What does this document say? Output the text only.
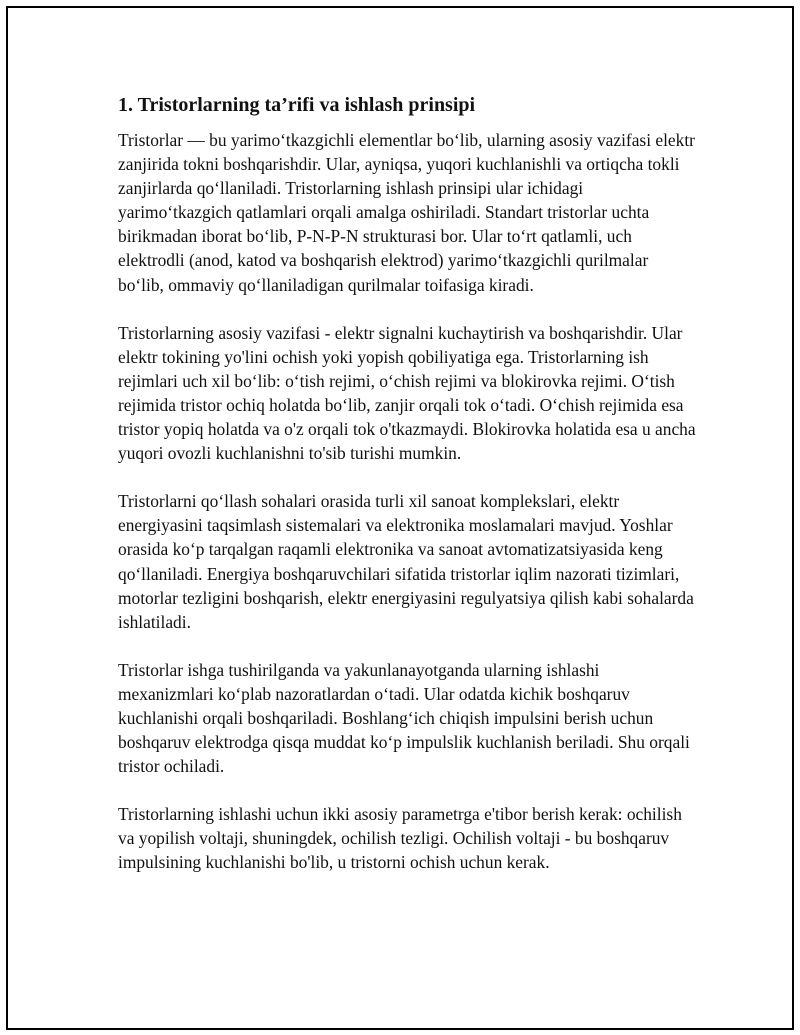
1. Tristorlarning ta’rifi va ishlash prinsipi

Tristorlar — bu yarimo‘tkazgichli elementlar bo‘lib, ularning asosiy vazifasi elektr zanjirida tokni boshqarishdir. Ular, ayniqsa, yuqori kuchlanishli va ortiqcha tokli zanjirlarda qo‘llaniladi. Tristorlarning ishlash prinsipi ular ichidagi yarimo‘tkazgich qatlamlari orqali amalga oshiriladi. Standart tristorlar uchta birikmadan iborat bo‘lib, P-N-P-N strukturasi bor. Ular to‘rt qatlamli, uch elektrodli (anod, katod va boshqarish elektrod) yarimo‘tkazgichli qurilmalar bo‘lib, ommaviy qo‘llaniladigan qurilmalar toifasiga kiradi.

Tristorlarning asosiy vazifasi - elektr signalni kuchaytirish va boshqarishdir. Ular elektr tokining yo'lini ochish yoki yopish qobiliyatiga ega. Tristorlarning ish rejimlari uch xil bo‘lib: o‘tish rejimi, o‘chish rejimi va blokirovka rejimi. O‘tish rejimida tristor ochiq holatda bo‘lib, zanjir orqali tok o‘tadi. O‘chish rejimida esa tristor yopiq holatda va o'z orqali tok o'tkazmaydi. Blokirovka holatida esa u ancha yuqori ovozli kuchlanishni to'sib turishi mumkin.

Tristorlarni qo‘llash sohalari orasida turli xil sanoat komplekslari, elektr energiyasini taqsimlash sistemalari va elektronika moslamalari mavjud. Yoshlar orasida ko‘p tarqalgan raqamli elektronika va sanoat avtomatizatsiyasida keng qo‘llaniladi. Energiya boshqaruvchilari sifatida tristorlar iqlim nazorati tizimlari, motorlar tezligini boshqarish, elektr energiyasini regulyatsiya qilish kabi sohalarda ishlatiladi.

Tristorlar ishga tushirilganda va yakunlanayotganda ularning ishlashi mexanizmlari ko‘plab nazoratlardan o‘tadi. Ular odatda kichik boshqaruv kuchlanishi orqali boshqariladi. Boshlang‘ich chiqish impulsini berish uchun boshqaruv elektrodga qisqa muddat ko‘p impulslik kuchlanish beriladi. Shu orqali tristor ochiladi.

Tristorlarning ishlashi uchun ikki asosiy parametrga e'tibor berish kerak: ochilish va yopilish voltaji, shuningdek, ochilish tezligi. Ochilish voltaji - bu boshqaruv impulsining kuchlanishi bo'lib, u tristorni ochish uchun kerak.
